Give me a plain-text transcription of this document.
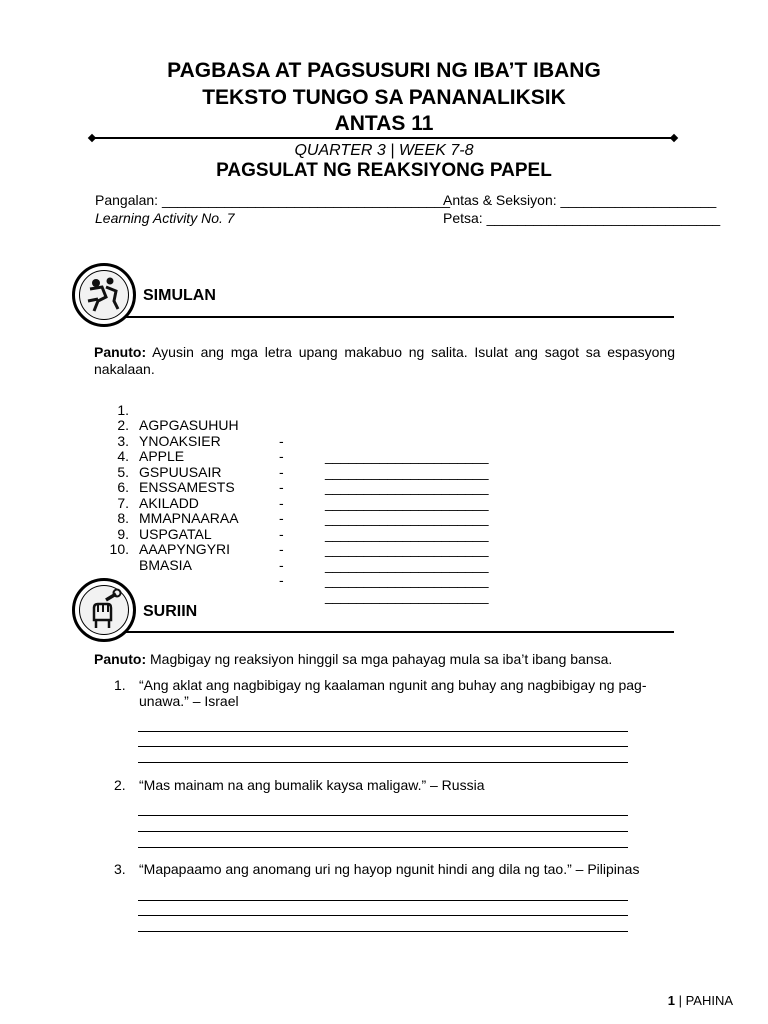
PAGBASA AT PAGSUSURI NG IBA’T IBANG
TEKSTO TUNGO SA PANANALIKSIK
ANTAS 11
QUARTER 3 | WEEK 7-8
PAGSULAT NG REAKSIYONG PAPEL
Pangalan: _____________________________________
Antas & Seksiyon: ____________________
Learning Activity No. 7	Petsa: ______________________________
SIMULAN
Panuto: Ayusin ang mga letra upang makabuo ng salita. Isulat ang sagot sa espasyong nakalaan.

1.

AGPGASUHUH

-

_____________________

2.

YNOAKSIER

-

_____________________

3.

APPLE

-

_____________________

4.

GSPUUSAIR

-

_____________________

5.

ENSSAMESTS

-

_____________________

6.

AKILADD

-

_____________________

7.

MMAPNAARAA

-

_____________________

8.

USPGATAL

-

_____________________

9.

AAAPYNGYRI

-

_____________________

10.

BMASIA

-

_____________________

SURIIN
Panuto: Magbigay ng reaksiyon hinggil sa mga pahayag mula sa iba’t ibang bansa.
1. “Ang aklat ang nagbibigay ng kaalaman ngunit ang buhay ang nagbibigay ng pag-unawa.” – Israel
2. “Mas mainam na ang bumalik kaysa maligaw.” – Russia
3. “Mapapaamo ang anomang uri ng hayop ngunit hindi ang dila ng tao.” – Pilipinas
1 | PAHINA
